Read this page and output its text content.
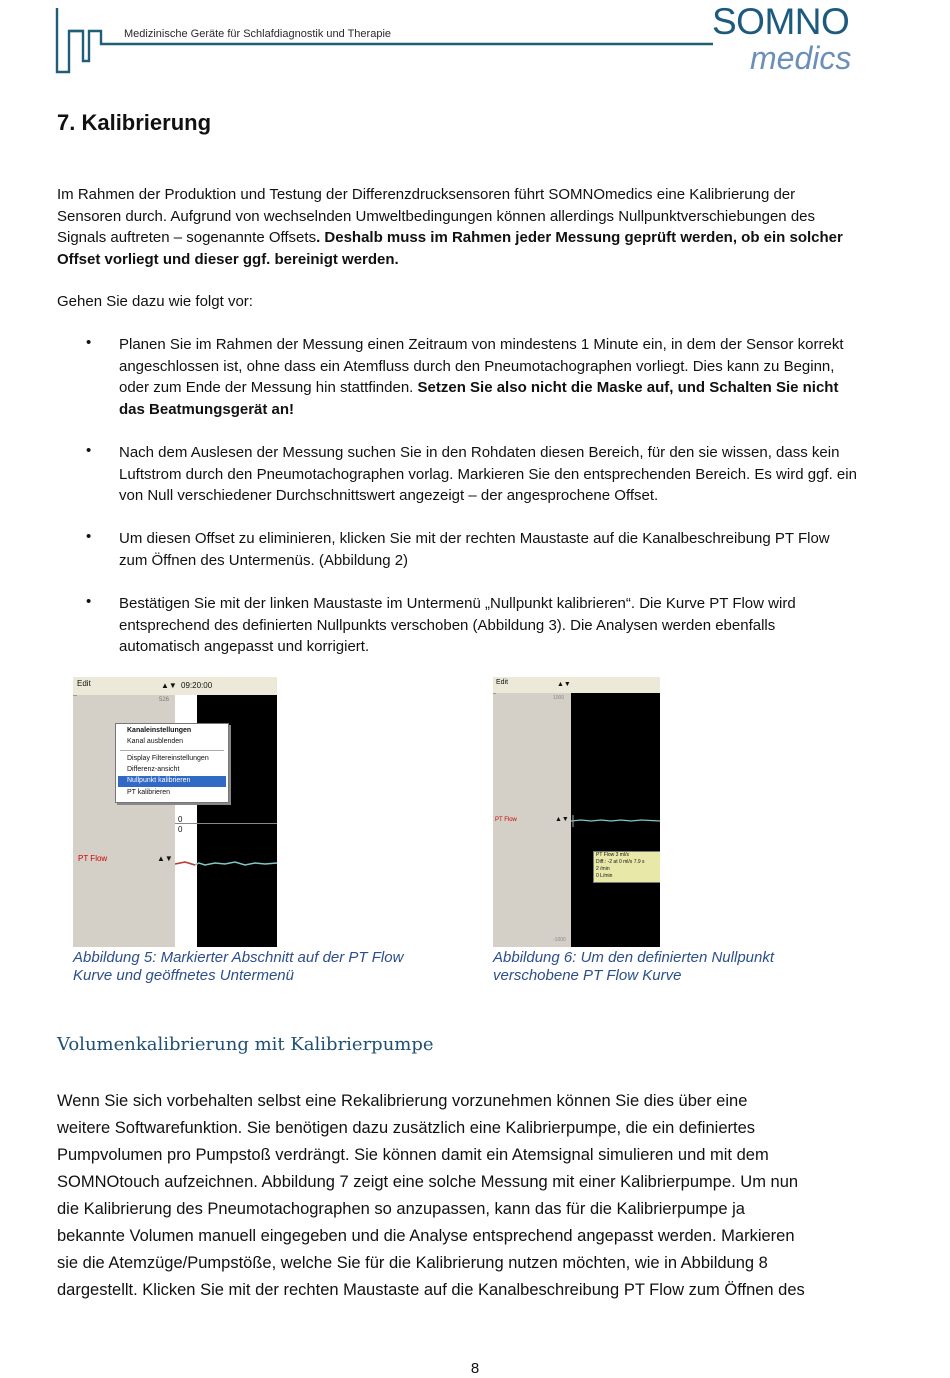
Medizinische Geräte für Schlafdiagnostik und Therapie	SOMNO
medics
7. Kalibrierung
Im Rahmen der Produktion und Testung der Differenzdrucksensoren führt SOMNOmedics eine Kalibrierung der Sensoren durch. Aufgrund von wechselnden Umweltbedingungen können allerdings Nullpunktverschiebungen des Signals auftreten – sogenannte Offsets. Deshalb muss im Rahmen jeder Messung geprüft werden, ob ein solcher Offset vorliegt und dieser ggf. bereinigt werden.
Gehen Sie dazu wie folgt vor:
• Planen Sie im Rahmen der Messung einen Zeitraum von mindestens 1 Minute ein, in dem der Sensor korrekt angeschlossen ist, ohne dass ein Atemfluss durch den Pneumotachographen vorliegt. Dies kann zu Beginn, oder zum Ende der Messung hin stattfinden. Setzen Sie also nicht die Maske auf, und Schalten Sie nicht das Beatmungsgerät an!
• Nach dem Auslesen der Messung suchen Sie in den Rohdaten diesen Bereich, für den sie wissen, dass kein Luftstrom durch den Pneumotachographen vorlag. Markieren Sie den entsprechenden Bereich. Es wird ggf. ein von Null verschiedener Durchschnittswert angezeigt – der angesprochene Offset.
• Um diesen Offset zu eliminieren, klicken Sie mit der rechten Maustaste auf die Kanalbeschreibung PT Flow zum Öffnen des Untermenüs. (Abbildung 2)
• Bestätigen Sie mit der linken Maustaste im Untermenü „Nullpunkt kalibrieren“. Die Kurve PT Flow wird entsprechend des definierten Nullpunkts verschoben (Abbildung 3). Die Analysen werden ebenfalls automatisch angepasst und korrigiert.
Edit	▲▼ 09:20:00
526
0
0
PT Flow	▲▼
Kanaleinstellungen
Kanal ausblenden
Display Filtereinstellungen
Differenz-ansicht
Nullpunkt kalibrieren
PT kalibrieren
Abbildung 5: Markierter Abschnitt auf der PT Flow
Kurve und geöffnetes Untermenü
Edit	▲▼
1000
-1000
PT Flow	▲▼
PT Flow 3 ml/s
Diff.: -2 at 0 ml/s 7.9 s
2 /min
0 L/min
Abbildung 6: Um den definierten Nullpunkt
verschobene PT Flow Kurve
Volumenkalibrierung mit Kalibrierpumpe
Wenn Sie sich vorbehalten selbst eine Rekalibrierung vorzunehmen können Sie dies über eine
weitere Softwarefunktion. Sie benötigen dazu zusätzlich eine Kalibrierpumpe, die ein definiertes
Pumpvolumen pro Pumpstoß verdrängt. Sie können damit ein Atemsignal simulieren und mit dem
SOMNOtouch aufzeichnen. Abbildung 7 zeigt eine solche Messung mit einer Kalibrierpumpe. Um nun
die Kalibrierung des Pneumotachographen so anzupassen, kann das für die Kalibrierpumpe ja
bekannte Volumen manuell eingegeben und die Analyse entsprechend angepasst werden. Markieren
sie die Atemzüge/Pumpstöße, welche Sie für die Kalibrierung nutzen möchten, wie in Abbildung 8
dargestellt. Klicken Sie mit der rechten Maustaste auf die Kanalbeschreibung PT Flow zum Öffnen des
8
